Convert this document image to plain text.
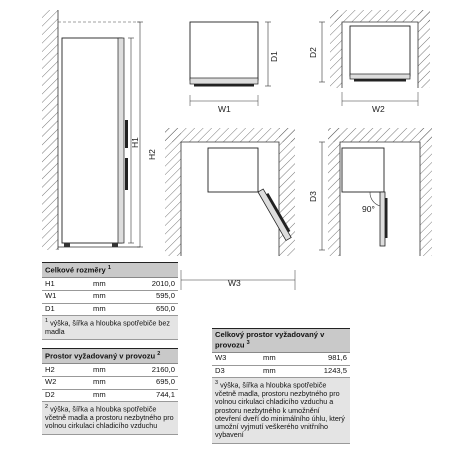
H1
H2
D1
W1
D2
W2
W3
D3
90°
Celkové rozměry $^1$
H1	mm	2010,0
W1	mm	595,0
D1	mm	650,0
$^1$ výška, šířka a hloubka spotřebiče bez madla
Prostor vyžadovaný v provozu $^2$
H2	mm	2160,0
W2	mm	695,0
D2	mm	744,1
$^2$ výška, šířka a hloubka spotřebiče včetně madla a prostoru nezbytného pro volnou cirkulaci chladicího vzduchu
Celkový prostor vyžadovaný v provozu $^3$
W3	mm	981,6
D3	mm	1243,5
$^3$ výška, šířka a hloubka spotřebiče včetně madla, prostoru nezbytného pro volnou cirkulaci chladicího vzduchu a prostoru nezbytného k umožnění otevření dveří do minimálního úhlu, který umožní vyjmutí veškerého vnitřního vybavení
